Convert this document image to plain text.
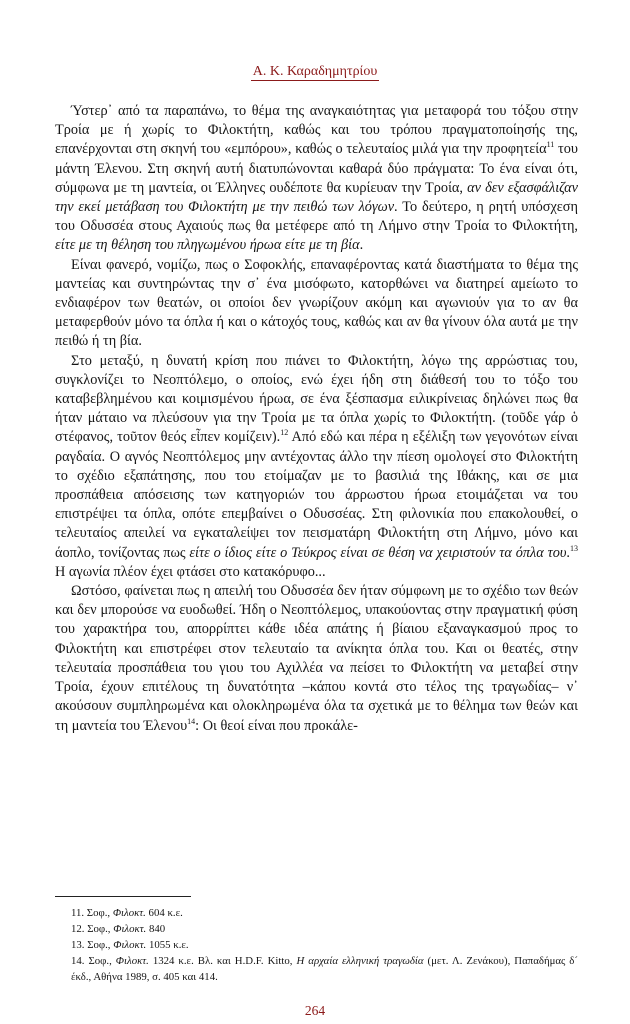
Α. Κ. Καραδημητρίου

Ύστερ᾽ από τα παραπάνω, το θέμα της αναγκαιότητας για μεταφορά του τόξου στην Τροία με ή χωρίς το Φιλοκτήτη, καθώς και του τρόπου πραγματοποίησής της, επανέρχονται στη σκηνή του «εμπόρου», καθώς ο τελευταίος μιλά για την προφητεία$^{11}$ του μάντη Έλενου. Στη σκηνή αυτή διατυπώνονται καθαρά δύο πράγματα: Το ένα είναι ότι, σύμφωνα με τη μαντεία, οι Έλληνες ουδέποτε θα κυρίευαν την Τροία, αν δεν εξασφάλιζαν την εκεί μετάβαση του Φιλοκτήτη με την πειθώ των λόγων. Το δεύτερο, η ρητή υπόσχεση του Οδυσσέα στους Αχαιούς πως θα μετέφερε από τη Λήμνο στην Τροία το Φιλοκτήτη, είτε με τη θέληση του πληγωμένου ήρωα είτε με τη βία.

Είναι φανερό, νομίζω, πως ο Σοφοκλής, επαναφέροντας κατά διαστήματα το θέμα της μαντείας και συντηρώντας την σ᾽ ένα μισόφωτο, κατορθώνει να διατηρεί αμείωτο το ενδιαφέρον των θεατών, οι οποίοι δεν γνωρίζουν ακόμη και αγωνιούν για το αν θα μεταφερθούν μόνο τα όπλα ή και ο κάτοχός τους, καθώς και αν θα γίνουν όλα αυτά με την πειθώ ή τη βία.

Στο μεταξύ, η δυνατή κρίση που πιάνει το Φιλοκτήτη, λόγω της αρρώστιας του, συγκλονίζει το Νεοπτόλεμο, ο οποίος, ενώ έχει ήδη στη διάθεσή του το τόξο του καταβεβλημένου και κοιμισμένου ήρωα, σε ένα ξέσπασμα ειλικρίνειας δηλώνει πως θα ήταν μάταιο να πλεύσουν για την Τροία με τα όπλα χωρίς το Φιλοκτήτη. (τοῦδε γάρ ὁ στέφανος, τοῦτον θεός εἶπεν κομίζειν).$^{12}$ Από εδώ και πέρα η εξέλιξη των γεγονότων είναι ραγδαία. Ο αγνός Νεοπτόλεμος μην αντέχοντας άλλο την πίεση ομολογεί στο Φιλοκτήτη το σχέδιο εξαπάτησης, που του ετοίμαζαν με το βασιλιά της Ιθάκης, και σε μια προσπάθεια απόσεισης των κατηγοριών του άρρωστου ήρωα ετοιμάζεται να του επιστρέψει τα όπλα, οπότε επεμβαίνει ο Οδυσσέας. Στη φιλονικία που επακολουθεί, ο τελευταίος απειλεί να εγκαταλείψει τον πεισματάρη Φιλοκτήτη στη Λήμνο, μόνο και άοπλο, τονίζοντας πως είτε ο ίδιος είτε ο Τεύκρος είναι σε θέση να χειριστούν τα όπλα του.$^{13}$ Η αγωνία πλέον έχει φτάσει στο κατακόρυφο...

Ωστόσο, φαίνεται πως η απειλή του Οδυσσέα δεν ήταν σύμφωνη με το σχέδιο των θεών και δεν μπορούσε να ευοδωθεί. Ήδη ο Νεοπτόλεμος, υπακούοντας στην πραγματική φύση του χαρακτήρα του, απορρίπτει κάθε ιδέα απάτης ή βίαιου εξαναγκασμού προς το Φιλοκτήτη και επιστρέφει στον τελευταίο τα ανίκητα όπλα του. Και οι θεατές, στην τελευταία προσπάθεια του γιου του Αχιλλέα να πείσει το Φιλοκτήτη να μεταβεί στην Τροία, έχουν επιτέλους τη δυνατότητα –κάπου κοντά στο τέλος της τραγωδίας– ν᾽ ακούσουν συμπληρωμένα και ολοκληρωμένα όλα τα σχετικά με το θέλημα των θεών και τη μαντεία του Έλενου$^{14}$: Οι θεοί είναι που προκάλε-

11. Σοφ., Φιλοκτ. 604 κ.ε.
12. Σοφ., Φιλοκτ. 840
13. Σοφ., Φιλοκτ. 1055 κ.ε.
14. Σοφ., Φιλοκτ. 1324 κ.ε. Βλ. και H.D.F. Kitto, Η αρχαία ελληνική τραγωδία (μετ. Λ. Ζενάκου), Παπαδήμας δ´ έκδ., Αθήνα 1989, σ. 405 και 414.
264
